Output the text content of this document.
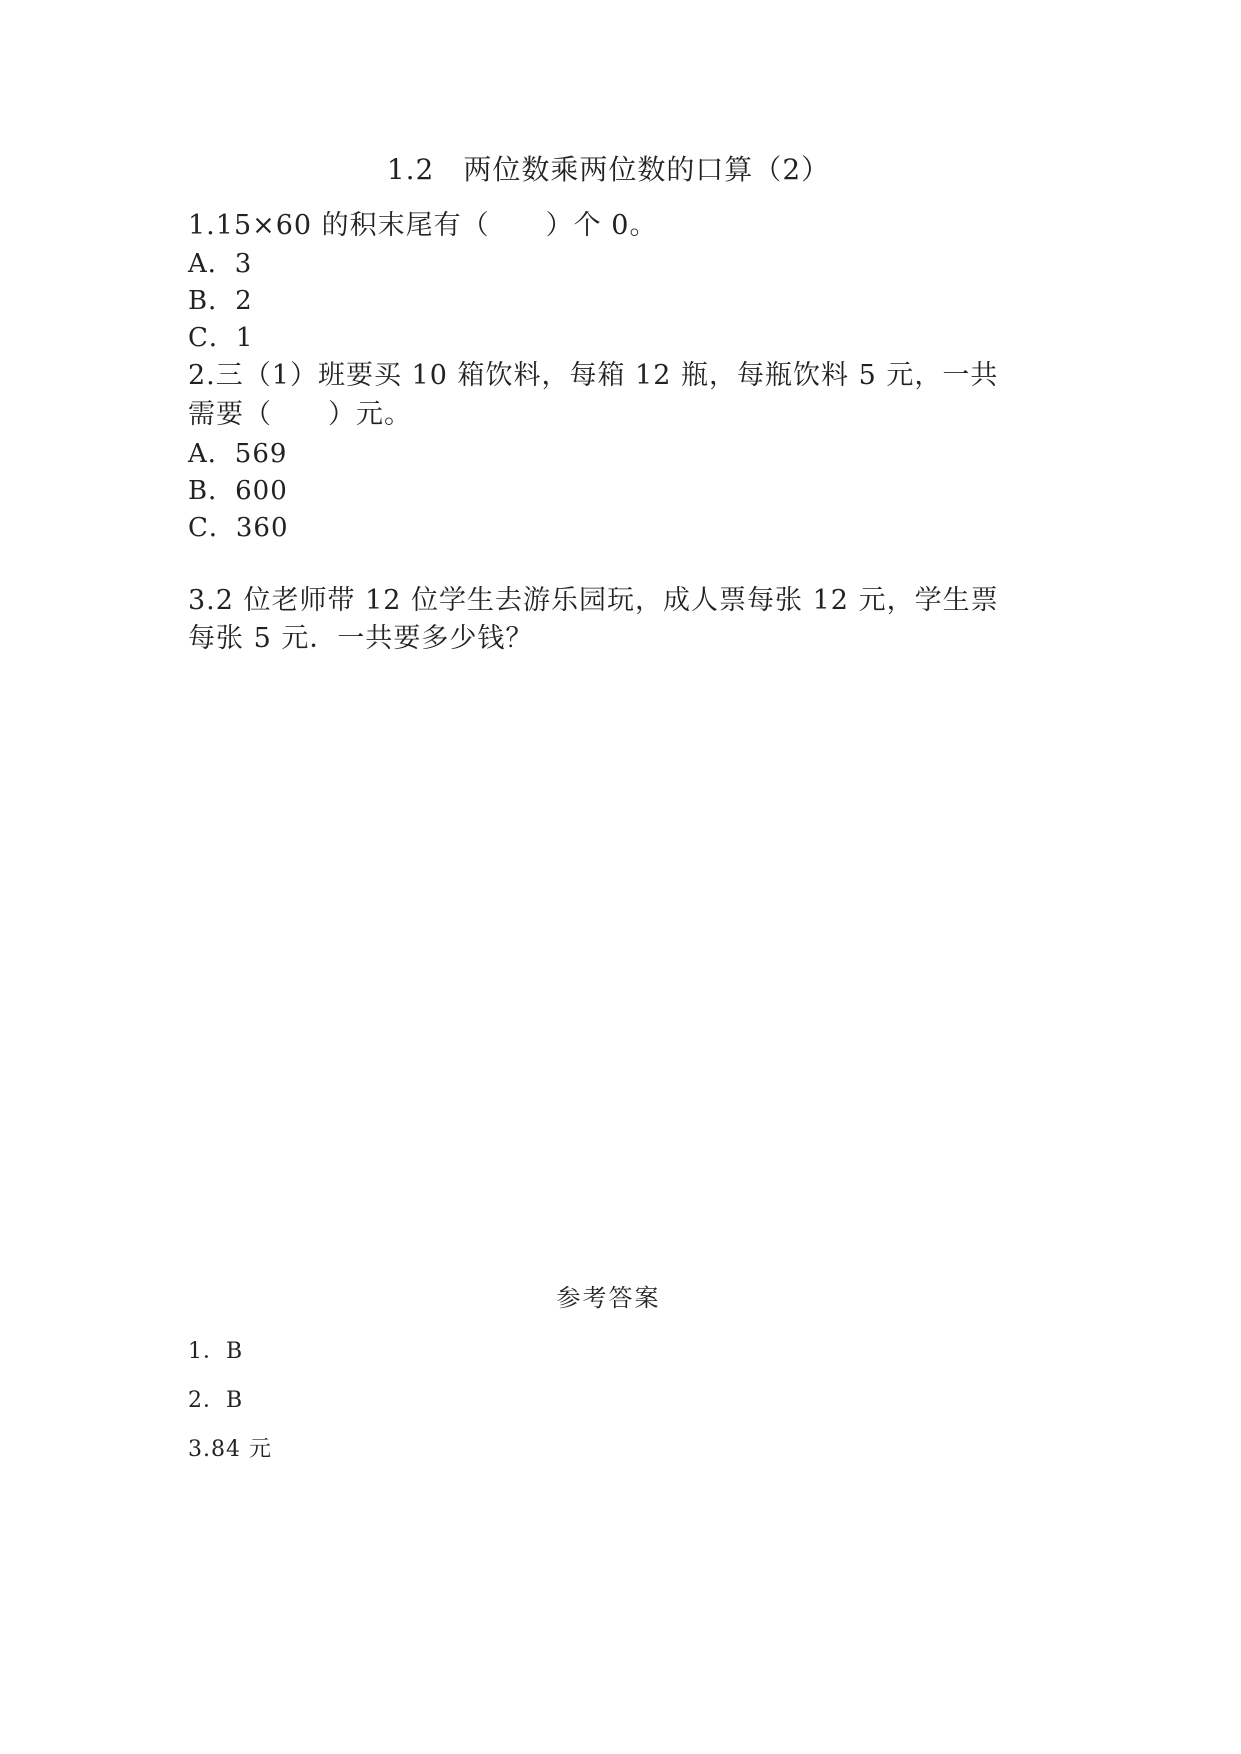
1.2　两位数乘两位数的口算（2）
1.15×60 的积末尾有（　　）个 0。
A．3
B．2
C．1
2.三（1）班要买 10 箱饮料，每箱 12 瓶，每瓶饮料 5 元，一共
需要（　　）元。
A．569
B．600
C．360
3.2 位老师带 12 位学生去游乐园玩，成人票每张 12 元，学生票
每张 5 元．一共要多少钱？
参考答案
1．B
2．B
3.84 元
